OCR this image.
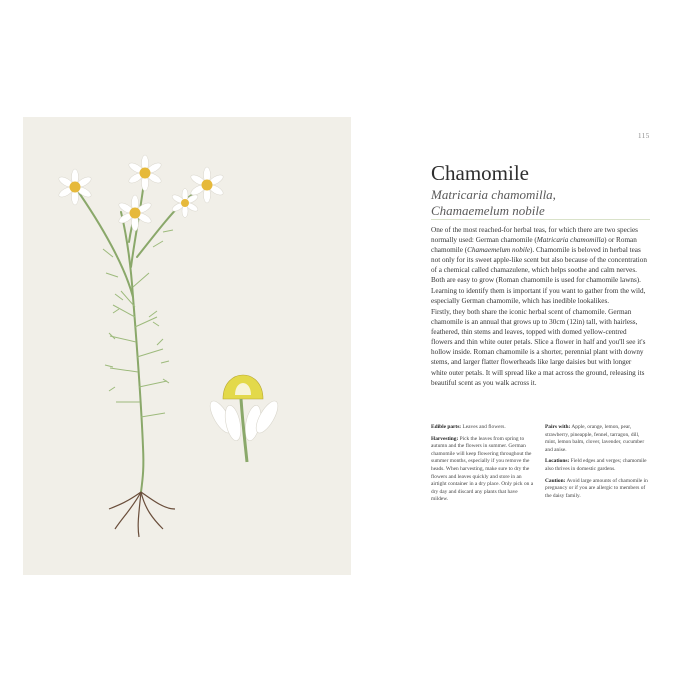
115
Chamomile
Matricaria chamomilla,
Chamaemelum nobile

One of the most reached-for herbal teas, for which there are two species normally used: German chamomile (Matricaria chamomilla) or Roman chamomile (Chamaemelum nobile). Chamomile is beloved in herbal teas not only for its sweet apple-like scent but also because of the concentration of a chemical called chamazulene, which helps soothe and calm nerves. Both are easy to grow (Roman chamomile is used for chamomile lawns). Learning to identify them is important if you want to gather from the wild, especially German chamomile, which has inedible lookalikes.

Firstly, they both share the iconic herbal scent of chamomile. German chamomile is an annual that grows up to 30cm (12in) tall, with hairless, feathered, thin stems and leaves, topped with domed yellow-centred flowers and thin white outer petals. Slice a flower in half and you'll see it's hollow inside. Roman chamomile is a shorter, perennial plant with downy stems, and larger flatter flowerheads like large daisies but with longer white outer petals. It will spread like a mat across the ground, releasing its beautiful scent as you walk across it.

Edible parts: Leaves and flowers.

Harvesting: Pick the leaves from spring to autumn and the flowers in summer. German chamomile will keep flowering throughout the summer months, especially if you remove the heads. When harvesting, make sure to dry the flowers and leaves quickly and store in an airtight container in a dry place. Only pick on a dry day and discard any plants that have mildew.

Pairs with: Apple, orange, lemon, pear, strawberry, pineapple, fennel, tarragon, dill, mint, lemon balm, clover, lavender, cucumber and anise.

Locations: Field edges and verges; chamomile also thrives in domestic gardens.

Caution: Avoid large amounts of chamomile in pregnancy or if you are allergic to members of the daisy family.
